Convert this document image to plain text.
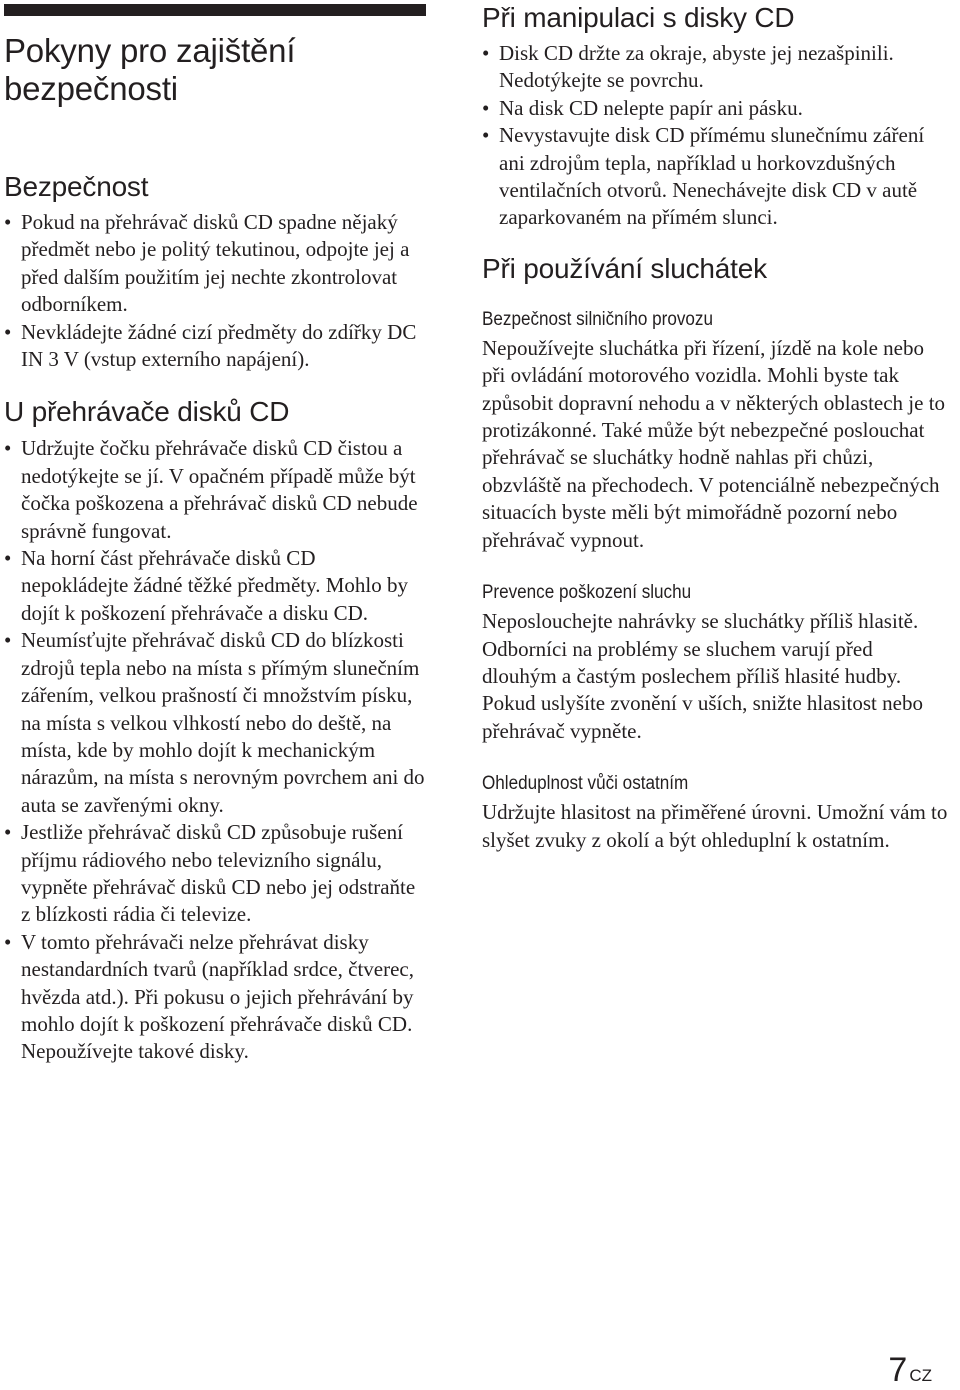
Pokyny pro zajištění bezpečnosti
Bezpečnost
• Pokud na přehrávač disků CD spadne nějaký předmět nebo je politý tekutinou, odpojte jej a před dalším použitím jej nechte zkontrolovat odborníkem.
• Nevkládejte žádné cizí předměty do zdířky DC IN 3 V (vstup externího napájení).
U přehrávače disků CD
• Udržujte čočku přehrávače disků CD čistou a nedotýkejte se jí. V opačném případě může být čočka poškozena a přehrávač disků CD nebude správně fungovat.
• Na horní část přehrávače disků CD nepokládejte žádné těžké předměty. Mohlo by dojít k poškození přehrávače a disku CD.
• Neumísťujte přehrávač disků CD do blízkosti zdrojů tepla nebo na místa s přímým slunečním zářením, velkou prašností či množstvím písku, na místa s velkou vlhkostí nebo do deště, na místa, kde by mohlo dojít k mechanickým nárazům, na místa s nerovným povrchem ani do auta se zavřenými okny.
• Jestliže přehrávač disků CD způsobuje rušení příjmu rádiového nebo televizního signálu, vypněte přehrávač disků CD nebo jej odstraňte z blízkosti rádia či televize.
• V tomto přehrávači nelze přehrávat disky nestandardních tvarů (například srdce, čtverec, hvězda atd.). Při pokusu o jejich přehrávání by mohlo dojít k poškození přehrávače disků CD. Nepoužívejte takové disky.
Při manipulaci s disky CD
• Disk CD držte za okraje, abyste jej nezašpinili. Nedotýkejte se povrchu.
• Na disk CD nelepte papír ani pásku.
• Nevystavujte disk CD přímému slunečnímu záření ani zdrojům tepla, například u horkovzdušných ventilačních otvorů. Nenechávejte disk CD v autě zaparkovaném na přímém slunci.
Při používání sluchátek
Bezpečnost silničního provozu

Nepoužívejte sluchátka při řízení, jízdě na kole nebo při ovládání motorového vozidla. Mohli byste tak způsobit dopravní nehodu a v některých oblastech je to protizákonné. Také může být nebezpečné poslouchat přehrávač se sluchátky hodně nahlas při chůzi, obzvláště na přechodech. V potenciálně nebezpečných situacích byste měli být mimořádně pozorní nebo přehrávač vypnout.

Prevence poškození sluchu

Neposlouchejte nahrávky se sluchátky příliš hlasitě. Odborníci na problémy se sluchem varují před dlouhým a častým poslechem příliš hlasité hudby. Pokud uslyšíte zvonění v uších, snižte hlasitost nebo přehrávač vypněte.

Ohleduplnost vůči ostatním

Udržujte hlasitost na přiměřené úrovni. Umožní vám to slyšet zvuky z okolí a být ohleduplní k ostatním.

7 CZ
